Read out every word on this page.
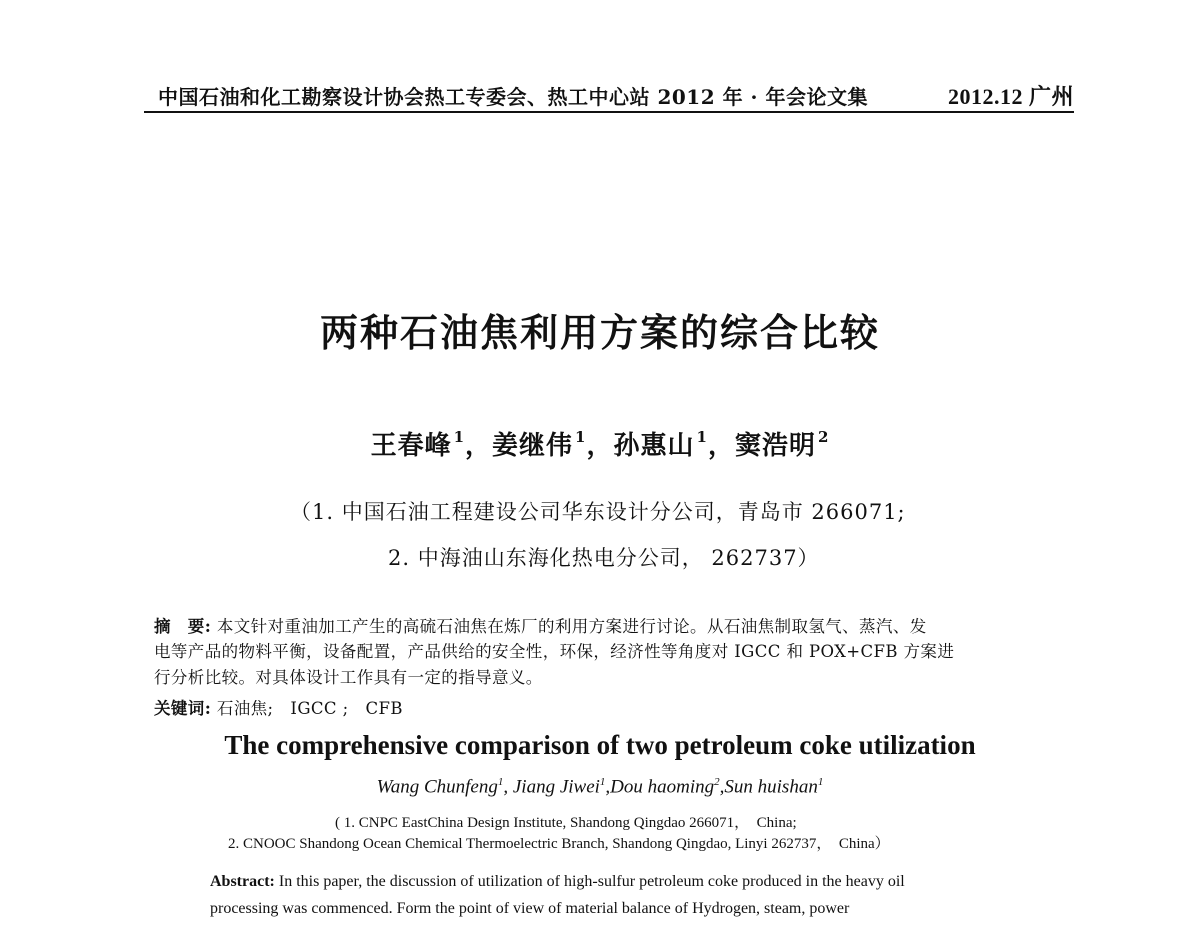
中国石油和化工勘察设计协会热工专委会、热工中心站 2012 年 · 年会论文集	2012.12 广州
两种石油焦利用方案的综合比较
王春峰 $^1$，姜继伟 $^1$，孙惠山 $^1$，窦浩明 $^2$
（1. 中国石油工程建设公司华东设计分公司，青岛市 266071;
2. 中海油山东海化热电分公司， 262737）
摘　要: 本文针对重油加工产生的高硫石油焦在炼厂的利用方案进行讨论。从石油焦制取氢气、蒸汽、发
电等产品的物料平衡，设备配置，产品供给的安全性，环保，经济性等角度对 IGCC 和 POX+CFB 方案进
行分析比较。对具体设计工作具有一定的指导意义。
关键词: 石油焦;　IGCC ;　CFB
The comprehensive comparison of two petroleum coke utilization
Wang Chunfeng$^1$, Jiang Jiwei$^1$,Dou haoming$^2$,Sun huishan$^1$
( 1. CNPC EastChina Design Institute, Shandong Qingdao 266071，　China;
2. CNOOC Shandong Ocean Chemical Thermoelectric Branch, Shandong Qingdao, Linyi 262737，　China）
Abstract: In this paper, the discussion of utilization of high-sulfur petroleum coke produced in the heavy oil
processing was commenced. Form the point of view of material balance of Hydrogen, steam, power
